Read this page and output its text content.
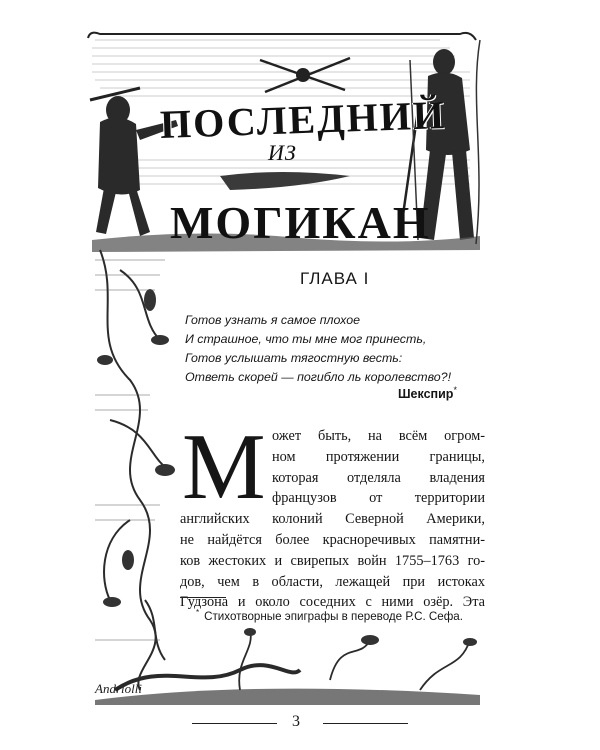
ПОСЛЕДНИЙ
ИЗ
МОГИКАН
ГЛАВА I
Готов узнать я самое плохое
И страшное, что ты мне мог принесть,
Готов услышать тягостную весть:
Ответь скорей — погибло ль королевство?!
Шекспир*
М ожет быть, на всём огром-
ном протяжении границы,
которая отделяла владения
французов от территории
английских колоний Северной Америки,
не найдётся более красноречивых памятни-
ков жестоких и свирепых войн 1755–1763 го-
дов, чем в области, лежащей при истоках
Гудзона и около соседних с ними озёр. Эта
* Стихотворные эпиграфы в переводе Р.С. Сефа.
Andriolli
3
